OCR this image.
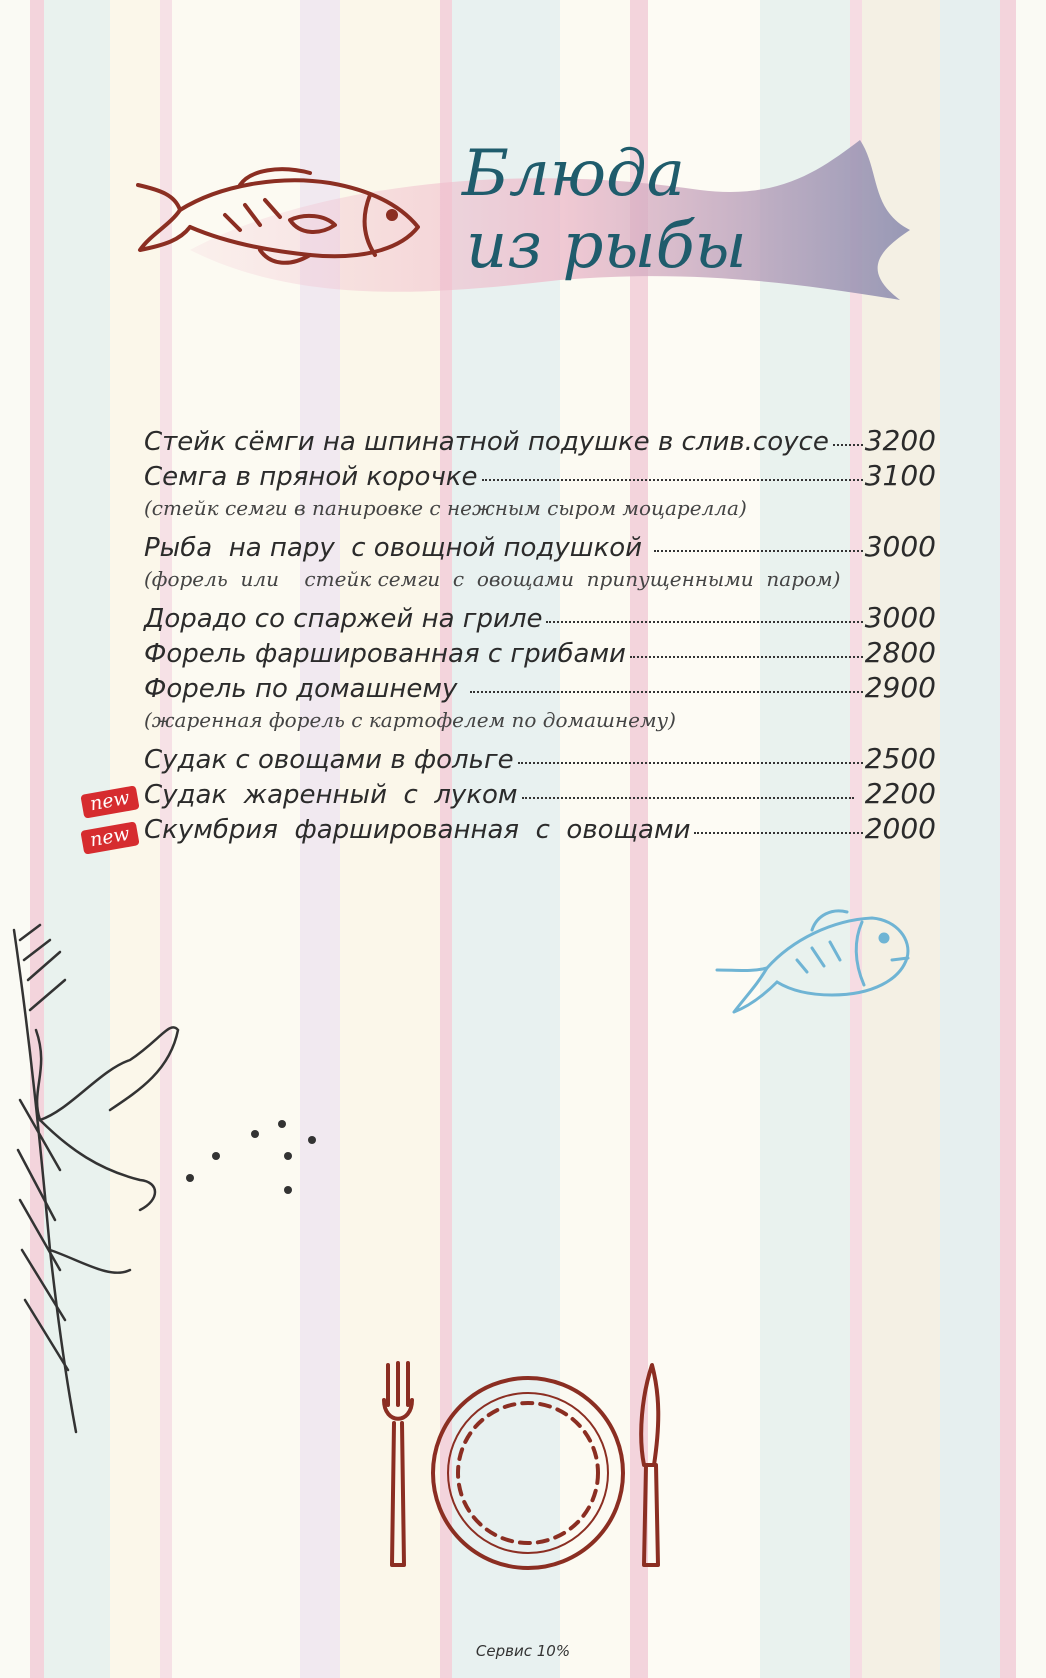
Блюда
из рыбы
Стейк сёмги на шпинатной подушке в слив.соусе 3200
Семга в пряной корочке	3100
(стейк семги в панировке с нежным сыром моцарелла)
Рыба  на пару  с овощной подушкой	3000
(форель  или    стейк семги  с  овощами  припущенными  паром)
Дорадо со спаржей на гриле	3000
Форель фаршированная с грибами	2800
Форель по домашнему	2900
(жаренная форель с картофелем по домашнему)
Судак с овощами в фольге	2500
Судак  жаренный  с  луком	2200
Скумбрия  фаршированная  с  овощами	2000
new
new
Сервис 10%
